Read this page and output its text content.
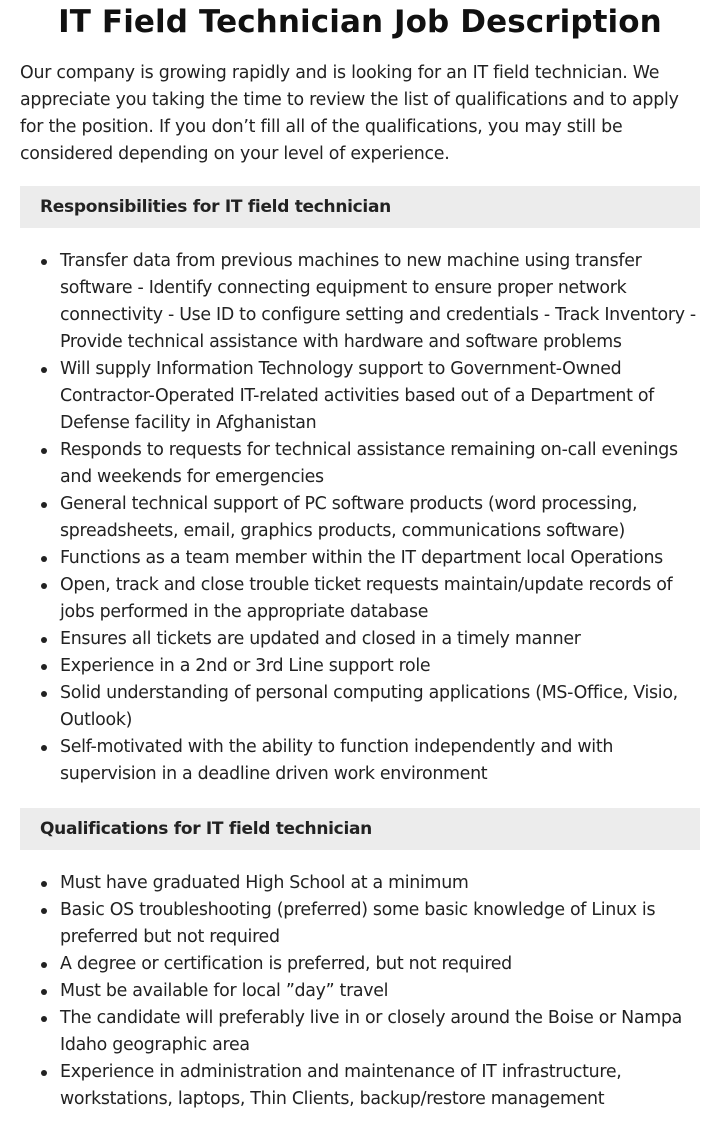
IT Field Technician Job Description

Our company is growing rapidly and is looking for an IT field technician. We appreciate you taking the time to review the list of qualifications and to apply for the position. If you don’t fill all of the qualifications, you may still be considered depending on your level of experience.

Responsibilities for IT field technician
Transfer data from previous machines to new machine using transfer software - Identify connecting equipment to ensure proper network connectivity - Use ID to configure setting and credentials - Track Inventory - Provide technical assistance with hardware and software problems
Will supply Information Technology support to Government-Owned Contractor-Operated IT-related activities based out of a Department of Defense facility in Afghanistan
Responds to requests for technical assistance remaining on-call evenings and weekends for emergencies
General technical support of PC software products (word processing, spreadsheets, email, graphics products, communications software)
Functions as a team member within the IT department local Operations
Open, track and close trouble ticket requests maintain/update records of jobs performed in the appropriate database
Ensures all tickets are updated and closed in a timely manner
Experience in a 2nd or 3rd Line support role
Solid understanding of personal computing applications (MS-Office, Visio, Outlook)
Self-motivated with the ability to function independently and with supervision in a deadline driven work environment
Qualifications for IT field technician
Must have graduated High School at a minimum
Basic OS troubleshooting (preferred) some basic knowledge of Linux is preferred but not required
A degree or certification is preferred, but not required
Must be available for local ”day” travel
The candidate will preferably live in or closely around the Boise or Nampa Idaho geographic area
Experience in administration and maintenance of IT infrastructure, workstations, laptops, Thin Clients, backup/restore management
